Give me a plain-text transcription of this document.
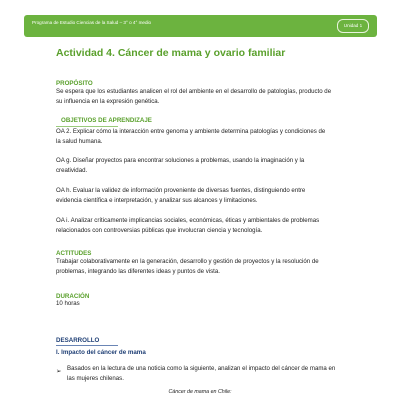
Programa de Estudio Ciencias de la Salud – 3° o 4° medio
Unidad 1
Actividad 4. Cáncer de mama y ovario familiar
PROPÓSITO
Se espera que los estudiantes analicen el rol del ambiente en el desarrollo de patologías, producto de
su influencia en la expresión genética.
OBJETIVOS DE APRENDIZAJE
OA 2. Explicar cómo la interacción entre genoma y ambiente determina patologías y condiciones de
la salud humana.
OA g. Diseñar proyectos para encontrar soluciones a problemas, usando la imaginación y la
creatividad.
OA h. Evaluar la validez de información proveniente de diversas fuentes, distinguiendo entre
evidencia científica e interpretación, y analizar sus alcances y limitaciones.
OA i. Analizar críticamente implicancias sociales, económicas, éticas y ambientales de problemas
relacionados con controversias públicas que involucran ciencia y tecnología.
ACTITUDES
Trabajar colaborativamente en la generación, desarrollo y gestión de proyectos y la resolución de
problemas, integrando las diferentes ideas y puntos de vista.
DURACIÓN
10 horas
DESARROLLO
I. Impacto del cáncer de mama
➢ Basados en la lectura de una noticia como la siguiente, analizan el impacto del cáncer de mama en
las mujeres chilenas.
Cáncer de mama en Chile:
